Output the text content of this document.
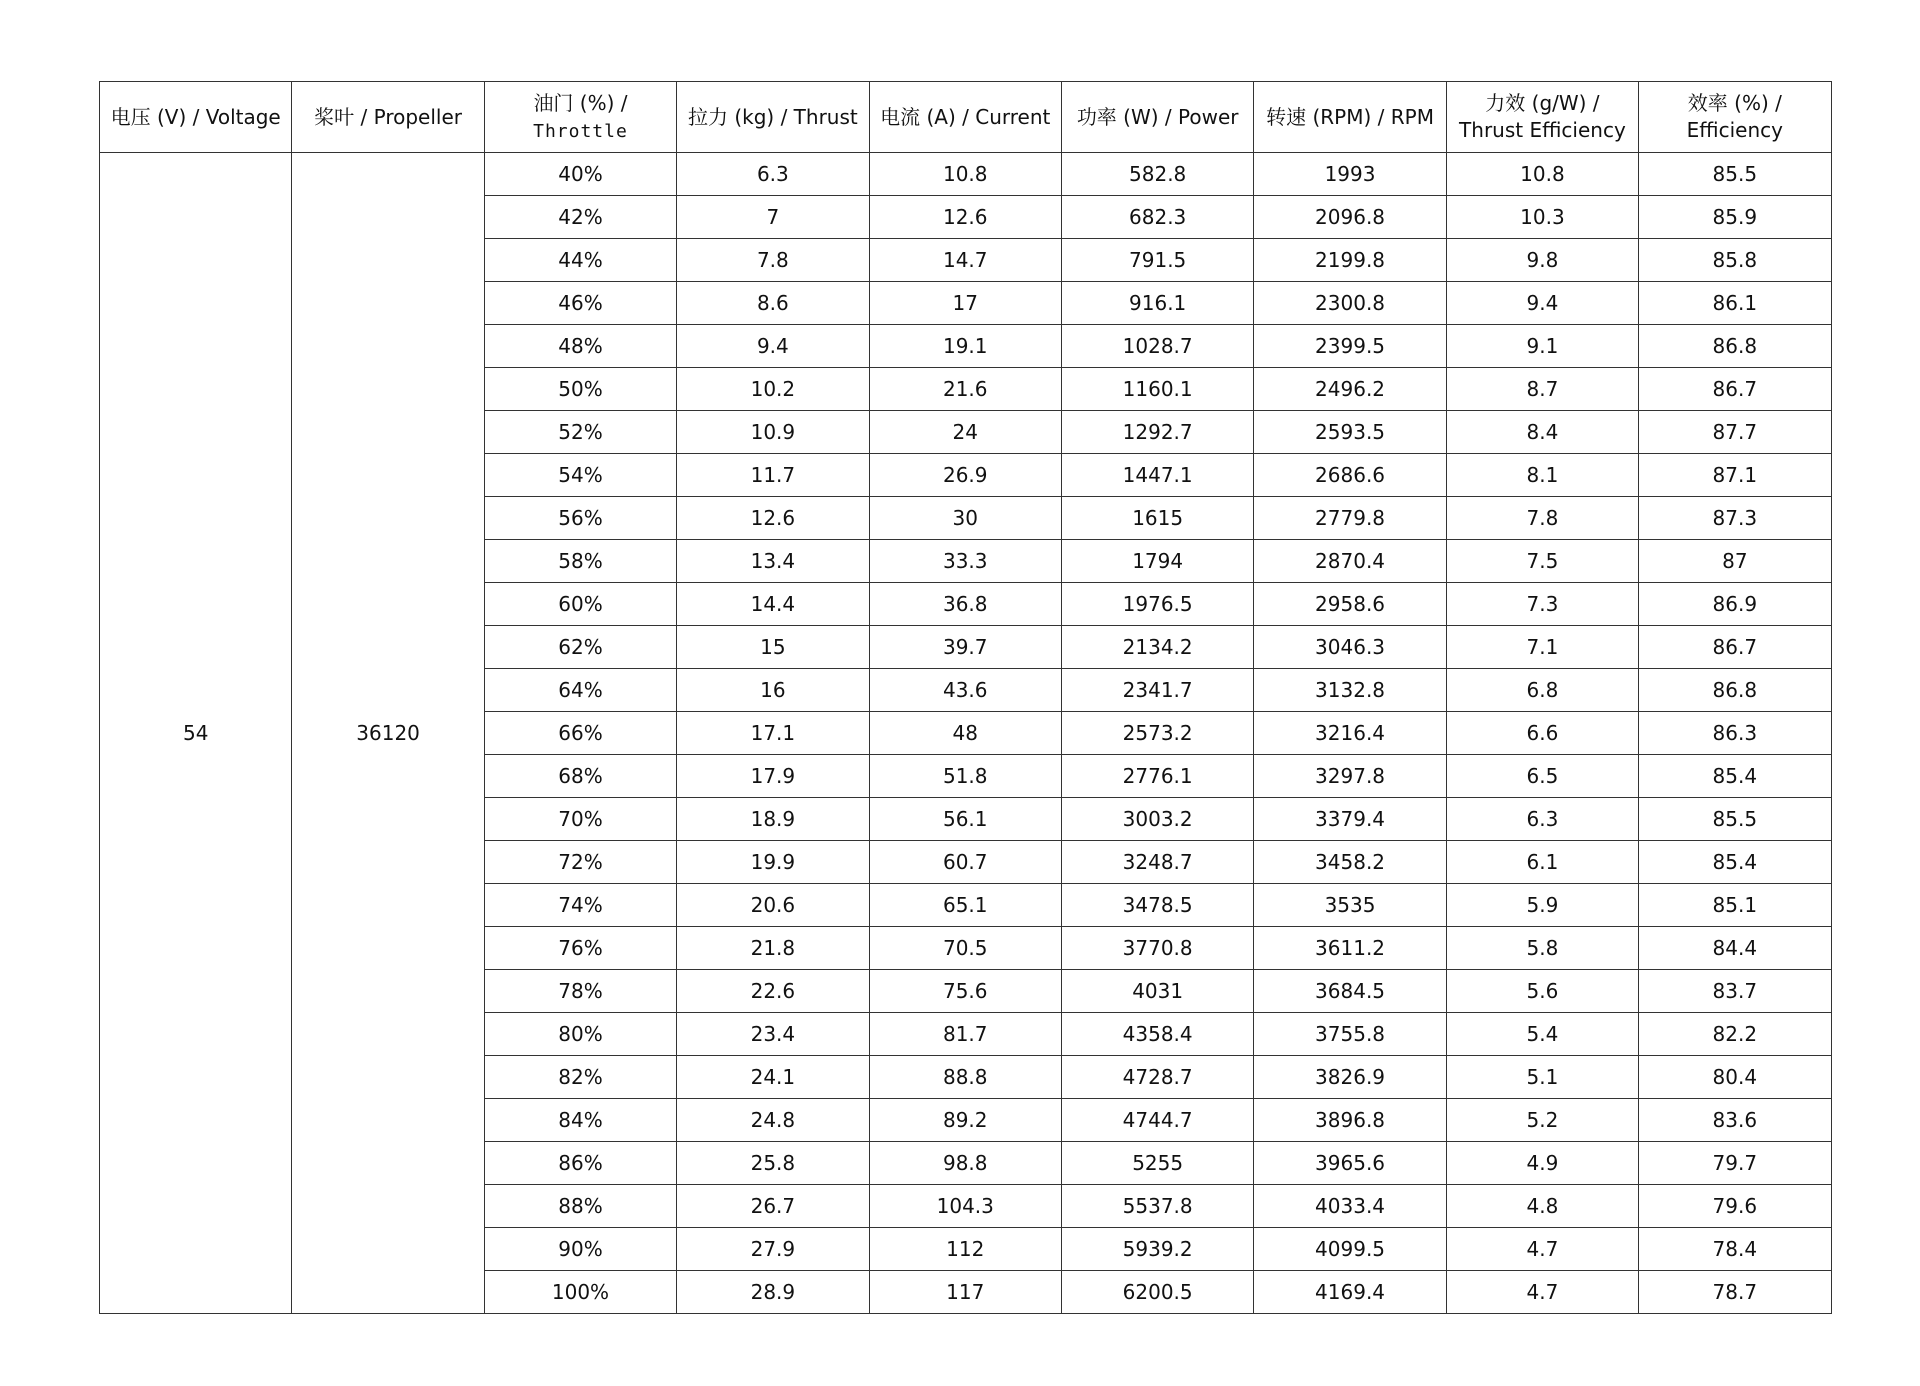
电压 (V) / Voltage	桨叶 / Propeller	油门 (%) /
Throttle	拉力 (kg) / Thrust	电流 (A) / Current	功率 (W) / Power	转速 (RPM) / RPM	力效 (g/W) /
Thrust Efficiency	效率 (%) /
Efficiency
54	36120	40%	6.3	10.8	582.8	1993	10.8	85.5
		42%	7	12.6	682.3	2096.8	10.3	85.9
		44%	7.8	14.7	791.5	2199.8	9.8	85.8
		46%	8.6	17	916.1	2300.8	9.4	86.1
		48%	9.4	19.1	1028.7	2399.5	9.1	86.8
		50%	10.2	21.6	1160.1	2496.2	8.7	86.7
		52%	10.9	24	1292.7	2593.5	8.4	87.7
		54%	11.7	26.9	1447.1	2686.6	8.1	87.1
		56%	12.6	30	1615	2779.8	7.8	87.3
		58%	13.4	33.3	1794	2870.4	7.5	87
		60%	14.4	36.8	1976.5	2958.6	7.3	86.9
		62%	15	39.7	2134.2	3046.3	7.1	86.7
		64%	16	43.6	2341.7	3132.8	6.8	86.8
		66%	17.1	48	2573.2	3216.4	6.6	86.3
		68%	17.9	51.8	2776.1	3297.8	6.5	85.4
		70%	18.9	56.1	3003.2	3379.4	6.3	85.5
		72%	19.9	60.7	3248.7	3458.2	6.1	85.4
		74%	20.6	65.1	3478.5	3535	5.9	85.1
		76%	21.8	70.5	3770.8	3611.2	5.8	84.4
		78%	22.6	75.6	4031	3684.5	5.6	83.7
		80%	23.4	81.7	4358.4	3755.8	5.4	82.2
		82%	24.1	88.8	4728.7	3826.9	5.1	80.4
		84%	24.8	89.2	4744.7	3896.8	5.2	83.6
		86%	25.8	98.8	5255	3965.6	4.9	79.7
		88%	26.7	104.3	5537.8	4033.4	4.8	79.6
		90%	27.9	112	5939.2	4099.5	4.7	78.4
		100%	28.9	117	6200.5	4169.4	4.7	78.7
